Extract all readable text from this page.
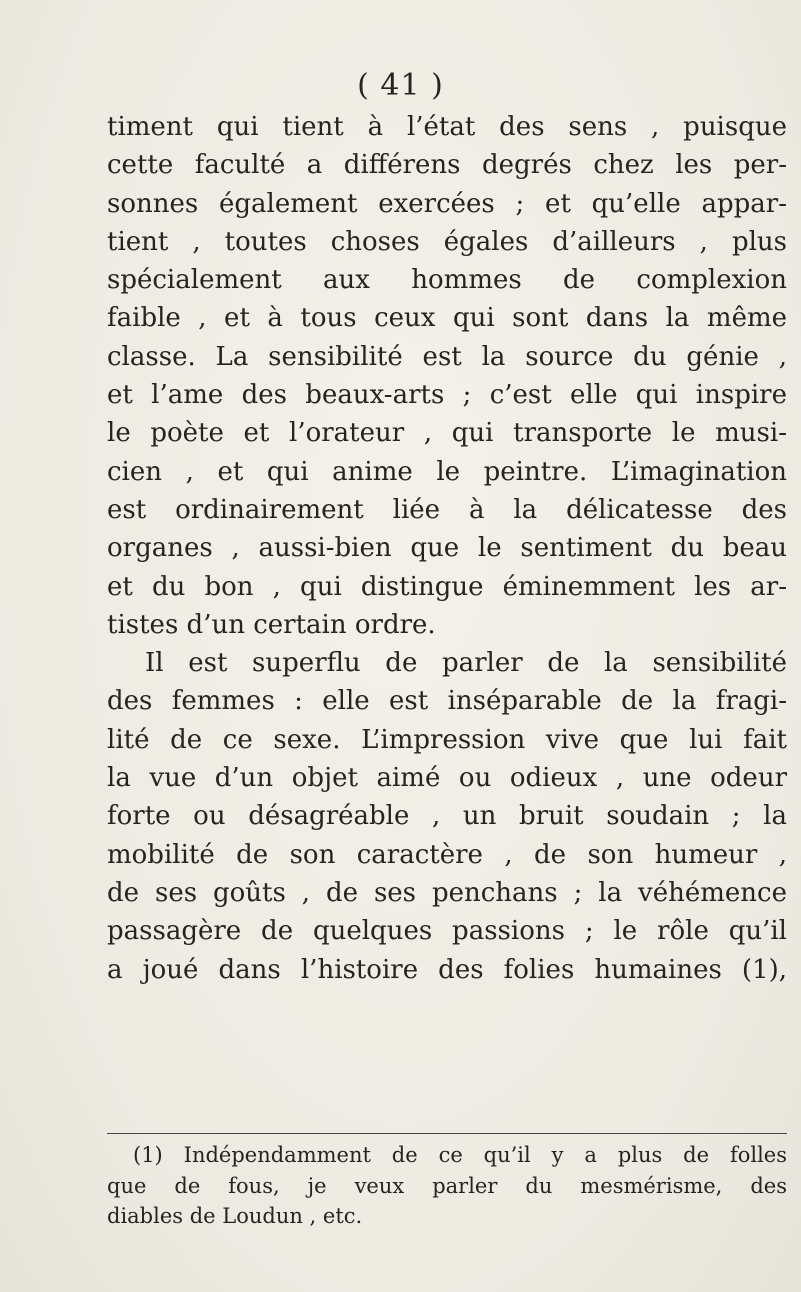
( 41 )
timent qui tient à l’état des sens , puisque
cette faculté a différens degrés chez les per-
sonnes également exercées ; et qu’elle appar-
tient , toutes choses égales d’ailleurs , plus
spécialement aux hommes de complexion
faible , et à tous ceux qui sont dans la même
classe. La sensibilité est la source du génie ,
et l’ame des beaux-arts ; c’est elle qui inspire
le poète et l’orateur , qui transporte le musi-
cien , et qui anime le peintre. L’imagination
est ordinairement liée à la délicatesse des
organes , aussi-bien que le sentiment du beau
et du bon , qui distingue éminemment les ar-
tistes d’un certain ordre.
Il est superflu de parler de la sensibilité
des femmes : elle est inséparable de la fragi-
lité de ce sexe. L’impression vive que lui fait
la vue d’un objet aimé ou odieux , une odeur
forte ou désagréable , un bruit soudain ; la
mobilité de son caractère , de son humeur ,
de ses goûts , de ses penchans ; la véhémence
passagère de quelques passions ; le rôle qu’il
a joué dans l’histoire des folies humaines (1),
(1) Indépendamment de ce qu’il y a plus de folles
que de fous, je veux parler du mesmérisme, des
diables de Loudun , etc.
